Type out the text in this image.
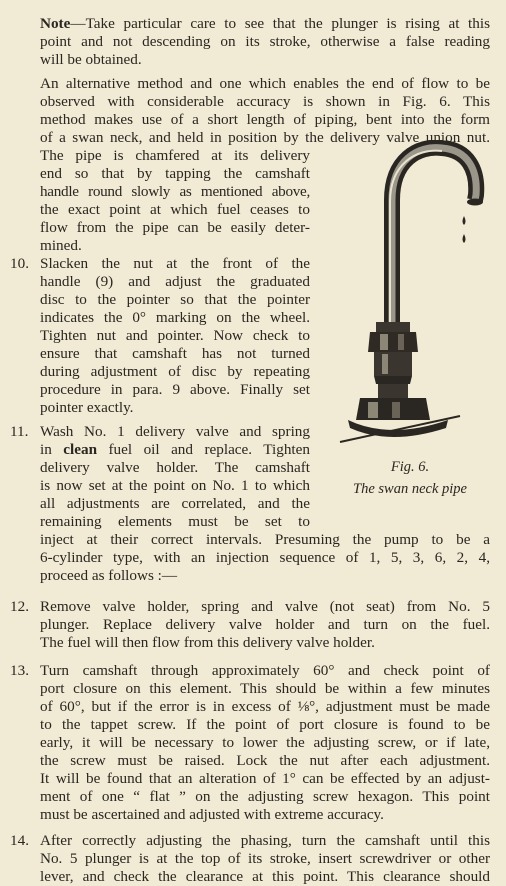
Note—Take particular care to see that the plunger is rising at this
point and not descending on its stroke, otherwise a false reading
will be obtained.
An alternative method and one which enables the end of flow to be
observed with considerable accuracy is shown in Fig. 6. This
method makes use of a short length of piping, bent into the form
of a swan neck, and held in position by the delivery valve union nut.
The pipe is chamfered at its delivery
end so that by tapping the camshaft
handle round slowly as mentioned above,
the exact point at which fuel ceases to
flow from the pipe can be easily deter-
mined.
10. Slacken the nut at the front of the
handle (9) and adjust the graduated
disc to the pointer so that the pointer
indicates the 0° marking on the wheel.
Tighten nut and pointer. Now check to
ensure that camshaft has not turned
during adjustment of disc by repeating
procedure in para. 9 above. Finally set
pointer exactly.
11. Wash No. 1 delivery valve and spring
in clean fuel oil and replace. Tighten
delivery valve holder. The camshaft
is now set at the point on No. 1 to which
all adjustments are correlated, and the
remaining elements must be set to
inject at their correct intervals. Presuming the pump to be a
6-cylinder type, with an injection sequence of 1, 5, 3, 6, 2, 4,
proceed as follows :—
Fig. 6.
The swan neck pipe
12. Remove valve holder, spring and valve (not seat) from No. 5
plunger. Replace delivery valve holder and turn on the fuel.
The fuel will then flow from this delivery valve holder.
13. Turn camshaft through approximately 60° and check point of
port closure on this element. This should be within a few minutes
of 60°, but if the error is in excess of ⅛°, adjustment must be made
to the tappet screw. If the point of port closure is found to be
early, it will be necessary to lower the adjusting screw, or if late,
the screw must be raised. Lock the nut after each adjustment.
It will be found that an alteration of 1° can be effected by an adjust-
ment of one “ flat ” on the adjusting screw hexagon. This point
must be ascertained and adjusted with extreme accuracy.
14. After correctly adjusting the phasing, turn the camshaft until this
No. 5 plunger is at the top of its stroke, insert screwdriver or other
lever, and check the clearance at this point. This clearance should
